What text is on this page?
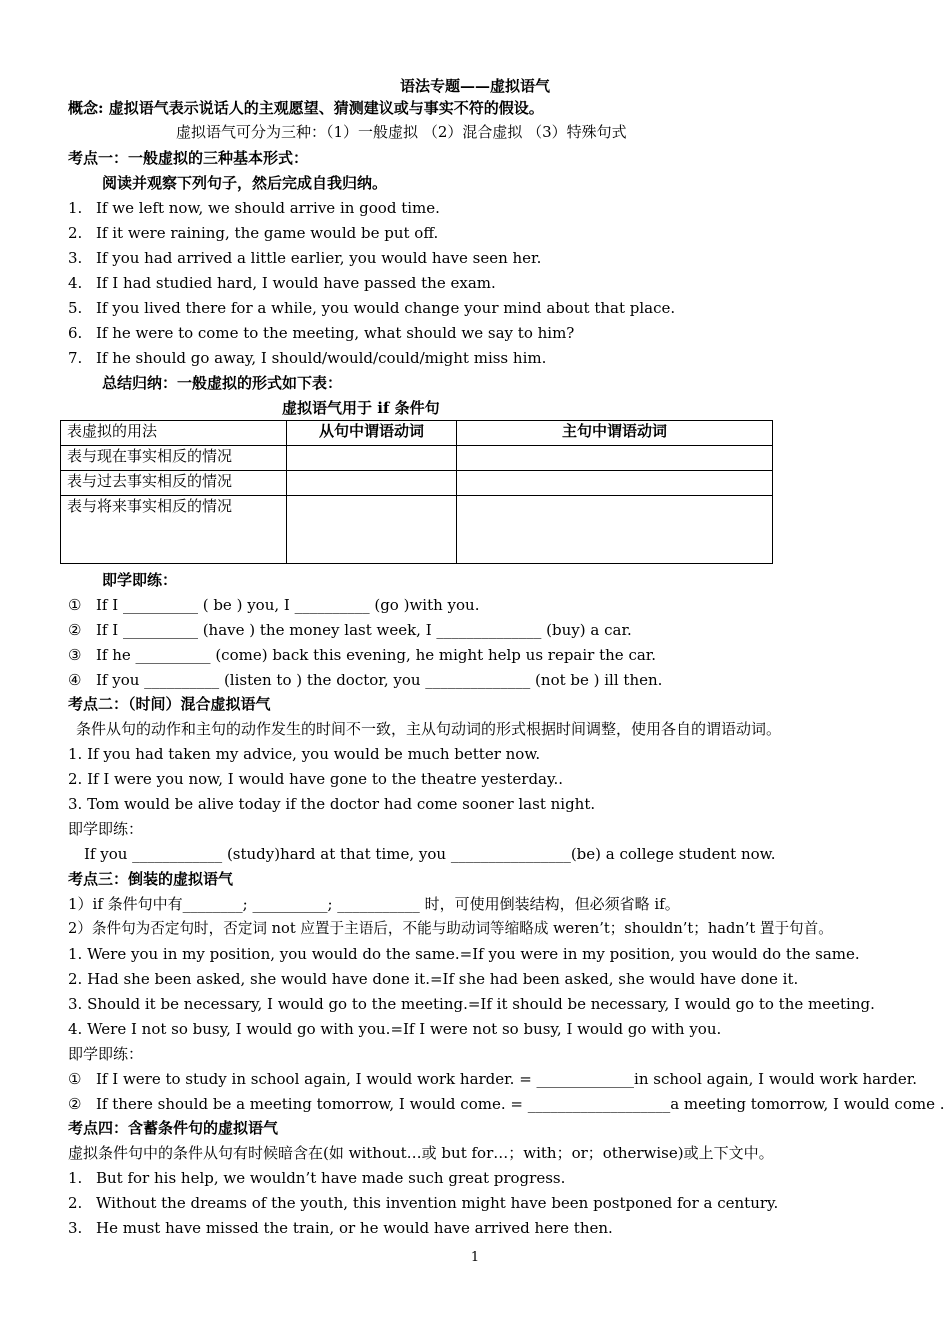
语法专题——虚拟语气
概念: 虚拟语气表示说话人的主观愿望、猜测建议或与事实不符的假设。
虚拟语气可分为三种：（1）一般虚拟 （2）混合虚拟 （3）特殊句式
考点一：一般虚拟的三种基本形式：
阅读并观察下列句子，然后完成自我归纳。
1. If we left now, we should arrive in good time.
2. If it were raining, the game would be put off.
3. If you had arrived a little earlier, you would have seen her.
4. If I had studied hard, I would have passed the exam.
5. If you lived there for a while, you would change your mind about that place.
6. If he were to come to the meeting, what should we say to him?
7. If he should go away, I should/would/could/might miss him.
总结归纳：一般虚拟的形式如下表：
虚拟语气用于 if 条件句
表虚拟的用法	从句中谓语动词	主句中谓语动词
表与现在事实相反的情况		
表与过去事实相反的情况		
表与将来事实相反的情况		
即学即练：
① If I __________ ( be ) you, I __________ (go )with you.
② If I __________ (have ) the money last week, I ______________ (buy) a car.
③ If he __________ (come) back this evening, he might help us repair the car.
④ If you __________ (listen to ) the doctor, you ______________ (not be ) ill then.
考点二：（时间）混合虚拟语气
条件从句的动作和主句的动作发生的时间不一致，主从句动词的形式根据时间调整，使用各自的谓语动词。
1. If you had taken my advice, you would be much better now.
2. If I were you now, I would have gone to the theatre yesterday..
3. Tom would be alive today if the doctor had come sooner last night.
即学即练：
If you ____________ (study)hard at that time, you ________________(be) a college student now.
考点三：倒装的虚拟语气
1）if 条件句中有________; __________; ___________ 时，可使用倒装结构，但必须省略 if。
2）条件句为否定句时，否定词 not 应置于主语后，不能与助动词等缩略成 weren’t；shouldn’t；hadn’t 置于句首。
1. Were you in my position, you would do the same.=If you were in my position, you would do the same.
2. Had she been asked, she would have done it.=If she had been asked, she would have done it.
3. Should it be necessary, I would go to the meeting.=If it should be necessary, I would go to the meeting.
4. Were I not so busy, I would go with you.=If I were not so busy, I would go with you.
即学即练：
① If I were to study in school again, I would work harder. = _____________in school again, I would work harder.
② If there should be a meeting tomorrow, I would come. = ___________________a meeting tomorrow, I would come .
考点四：含蓄条件句的虚拟语气
虚拟条件句中的条件从句有时候暗含在(如 without…或 but for…；with；or；otherwise)或上下文中。
1. But for his help, we wouldn’t have made such great progress.
2. Without the dreams of the youth, this invention might have been postponed for a century.
3. He must have missed the train, or he would have arrived here then.
1
